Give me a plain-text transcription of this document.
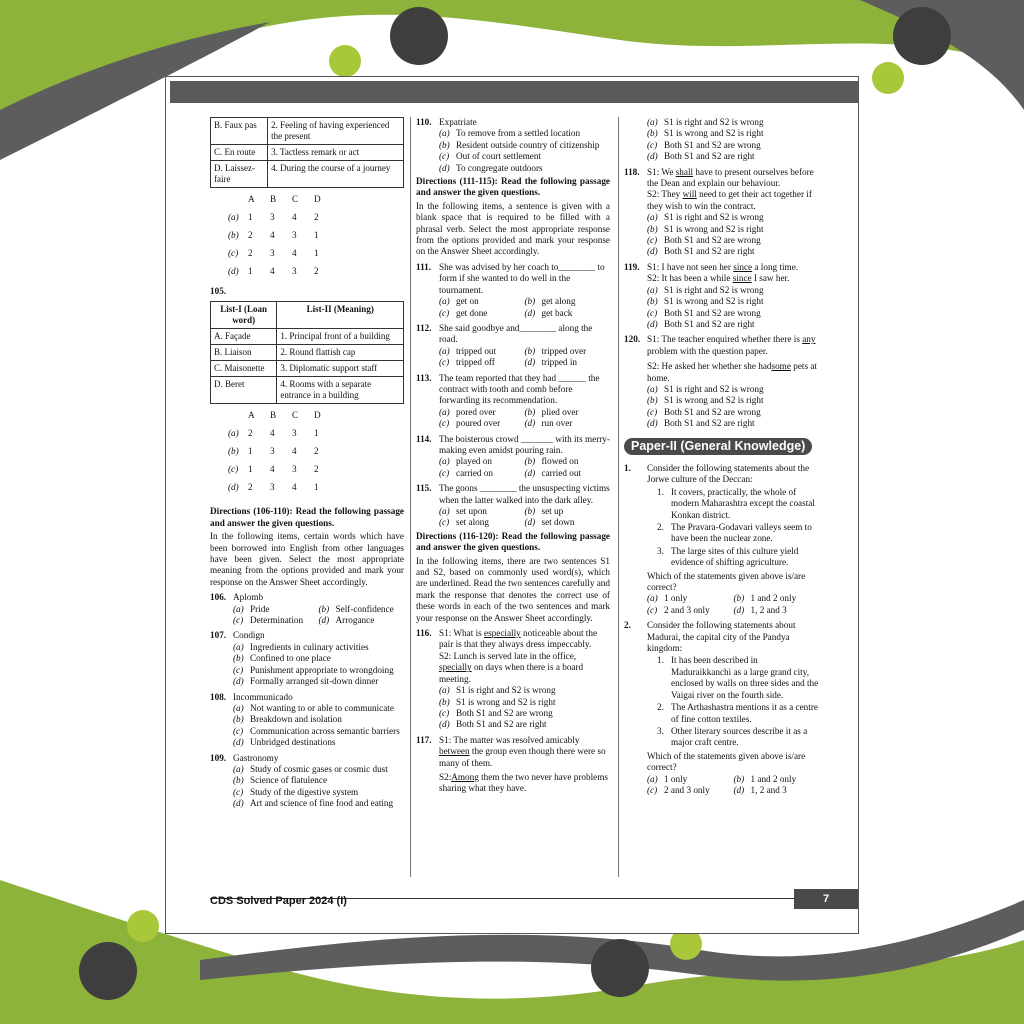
B. Faux pas	2. Feeling of having experienced the present
C. En route	3. Tactless remark or act
D. Laissez-faire	4. During the course of a journey
A	B	C	D
(a)	1	3	4	2
(b)	2	4	3	1
(c)	2	3	4	1
(d)	1	4	3	2
105.
List-I (Loan word)	List-II (Meaning)
A. Façade	1. Principal front of a building
B. Liaison	2. Round flattish cap
C. Maisonette	3. Diplomatic support staff
D. Beret	4. Rooms with a separate entrance in a building
A	B	C	D
(a)	2	4	3	1
(b)	1	3	4	2
(c)	1	4	3	2
(d)	2	3	4	1
Directions (106-110): Read the following passage and answer the given questions.
In the following items, certain words which have been borrowed into English from other languages have been given. Select the most appropriate meaning from the options provided and mark your response on the Answer Sheet accordingly.
106. Aplomb
(a) Pride	(b) Self-confidence
(c) Determination (d) Arrogance
107. Condign
(a) Ingredients in culinary activities
(b) Confined to one place
(c) Punishment appropriate to wrongdoing
(d) Formally arranged sit-down dinner
108. Incommunicado
(a) Not wanting to or able to communicate
(b) Breakdown and isolation
(c) Communication across semantic barriers
(d) Unbridged destinations
109. Gastronomy
(a) Study of cosmic gases or cosmic dust
(b) Science of flatulence
(c) Study of the digestive system
(d) Art and science of fine food and eating
110. Expatriate
(a) To remove from a settled location
(b) Resident outside country of citizenship
(c) Out of court settlement
(d) To congregate outdoors
Directions (111-115): Read the following passage and answer the given questions.
In the following items, a sentence is given with a blank space that is required to be filled with a phrasal verb. Select the most appropriate response from the options provided and mark your response on the Answer Sheet accordingly.
111. She was advised by her coach to________ to form if she wanted to do well in the tournament.
(a) get on	(b) get along
(c) get done	(d) get back
112. She said goodbye and________ along the road.
(a) tripped out	(b) tripped over
(c) tripped off	(d) tripped in
113. The team reported that they had ______ the contract with tooth and comb before forwarding its recommendation.
(a) pored over	(b) plied over
(c) poured over	(d) run over
114. The boisterous crowd _______ with its merry-making even amidst pouring rain.
(a) played on	(b) flowed on
(c) carried on	(d) carried out
115. The goons ________ the unsuspecting victims when the latter walked into the dark alley.
(a) set upon	(b) set up
(c) set along	(d) set down
Directions (116-120): Read the following passage and answer the given questions.
In the following items, there are two sentences S1 and S2, based on commonly used word(s), which are underlined. Read the two sentences carefully and mark the response that denotes the correct use of these words in each of the two sentences and mark your response on the Answer Sheet accordingly.
116. S1: What is especially noticeable about the pair is that they always dress impeccably.
S2: Lunch is served late in the office, specially on days when there is a board meeting.
(a) S1 is right and S2 is wrong
(b) S1 is wrong and S2 is right
(c) Both S1 and S2 are wrong
(d) Both S1 and S2 are right
117. S1: The matter was resolved amicably between the group even though there were so many of them.
S2:Among them the two never have problems sharing what they have.
(a) S1 is right and S2 is wrong
(b) S1 is wrong and S2 is right
(c) Both S1 and S2 are wrong
(d) Both S1 and S2 are right
118. S1: We shall have to present ourselves before the Dean and explain our behaviour.
S2: They will need to get their act together if they wish to win the contract.
(a) S1 is right and S2 is wrong
(b) S1 is wrong and S2 is right
(c) Both S1 and S2 are wrong
(d) Both S1 and S2 are right
119. S1: I have not seen her since a long time.
S2: It has been a while since I saw her.
(a) S1 is right and S2 is wrong
(b) S1 is wrong and S2 is right
(c) Both S1 and S2 are wrong
(d) Both S1 and S2 are right
120. S1: The teacher enquired whether there is any problem with the question paper.
S2: He asked her whether she hadsome pets at home.
(a) S1 is right and S2 is wrong
(b) S1 is wrong and S2 is right
(c) Both S1 and S2 are wrong
(d) Both S1 and S2 are right
Paper-II (General Knowledge)
1.	Consider the following statements about the Jorwe culture of the Deccan:
1. It covers, practically, the whole of modern Maharashtra except the coastal Konkan district.
2. The Pravara-Godavari valleys seem to have been the nuclear zone.
3. The large sites of this culture yield evidence of shifting agriculture.
Which of the statements given above is/are correct?
(a) 1 only	(b) 1 and 2 only
(c) 2 and 3 only	(d) 1, 2 and 3
2.	Consider the following statements about Madurai, the capital city of the Pandya kingdom:
1. It has been described in Maduraikkanchi as a large grand city, enclosed by walls on three sides and the Vaigai river on the fourth side.
2. The Arthashastra mentions it as a centre of fine cotton textiles.
3. Other literary sources describe it as a major craft centre.
Which of the statements given above is/are correct?
(a) 1 only	(b) 1 and 2 only
(c) 2 and 3 only	(d) 1, 2 and 3
CDS Solved Paper 2024 (I)	7
